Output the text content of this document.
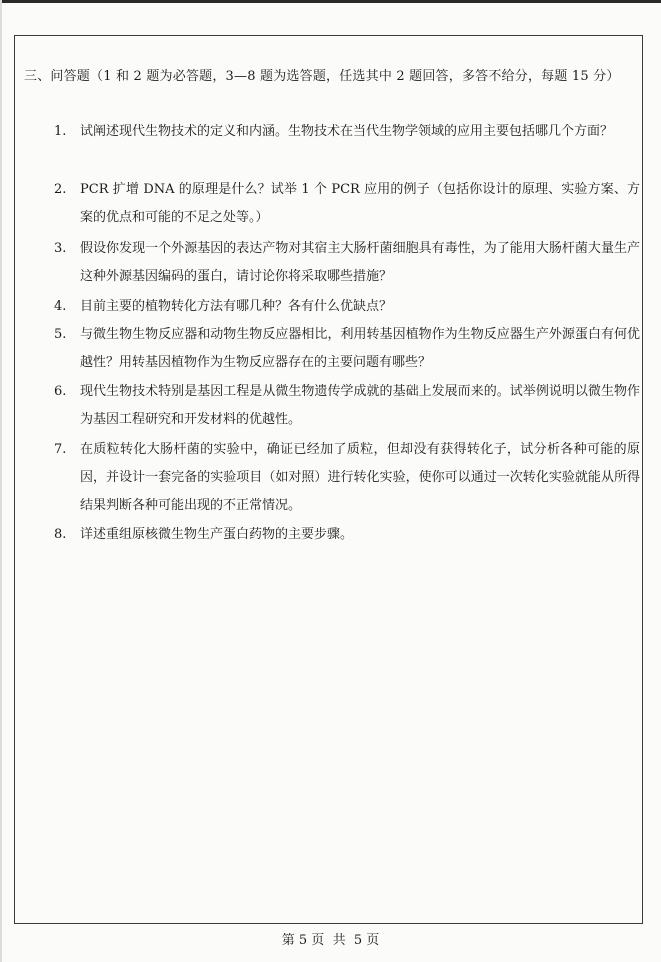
三、问答题（1 和 2 题为必答题，3—8 题为选答题，任选其中 2 题回答，多答不给分，每题 15 分）
1.	试阐述现代生物技术的定义和内涵。生物技术在当代生物学领域的应用主要包括哪几个方面？
2.	PCR 扩增 DNA 的原理是什么？试举 1 个 PCR 应用的例子（包括你设计的原理、实验方案、方案的优点和可能的不足之处等。）
3.	假设你发现一个外源基因的表达产物对其宿主大肠杆菌细胞具有毒性，为了能用大肠杆菌大量生产这种外源基因编码的蛋白，请讨论你将采取哪些措施？
4.	目前主要的植物转化方法有哪几种？各有什么优缺点？
5.	与微生物生物反应器和动物生物反应器相比，利用转基因植物作为生物反应器生产外源蛋白有何优越性？用转基因植物作为生物反应器存在的主要问题有哪些？
6.	现代生物技术特别是基因工程是从微生物遗传学成就的基础上发展而来的。试举例说明以微生物作为基因工程研究和开发材料的优越性。
7.	在质粒转化大肠杆菌的实验中，确证已经加了质粒，但却没有获得转化子，试分析各种可能的原因，并设计一套完备的实验项目（如对照）进行转化实验，使你可以通过一次转化实验就能从所得结果判断各种可能出现的不正常情况。
8.	详述重组原核微生物生产蛋白药物的主要步骤。
第 5 页  共  5 页
